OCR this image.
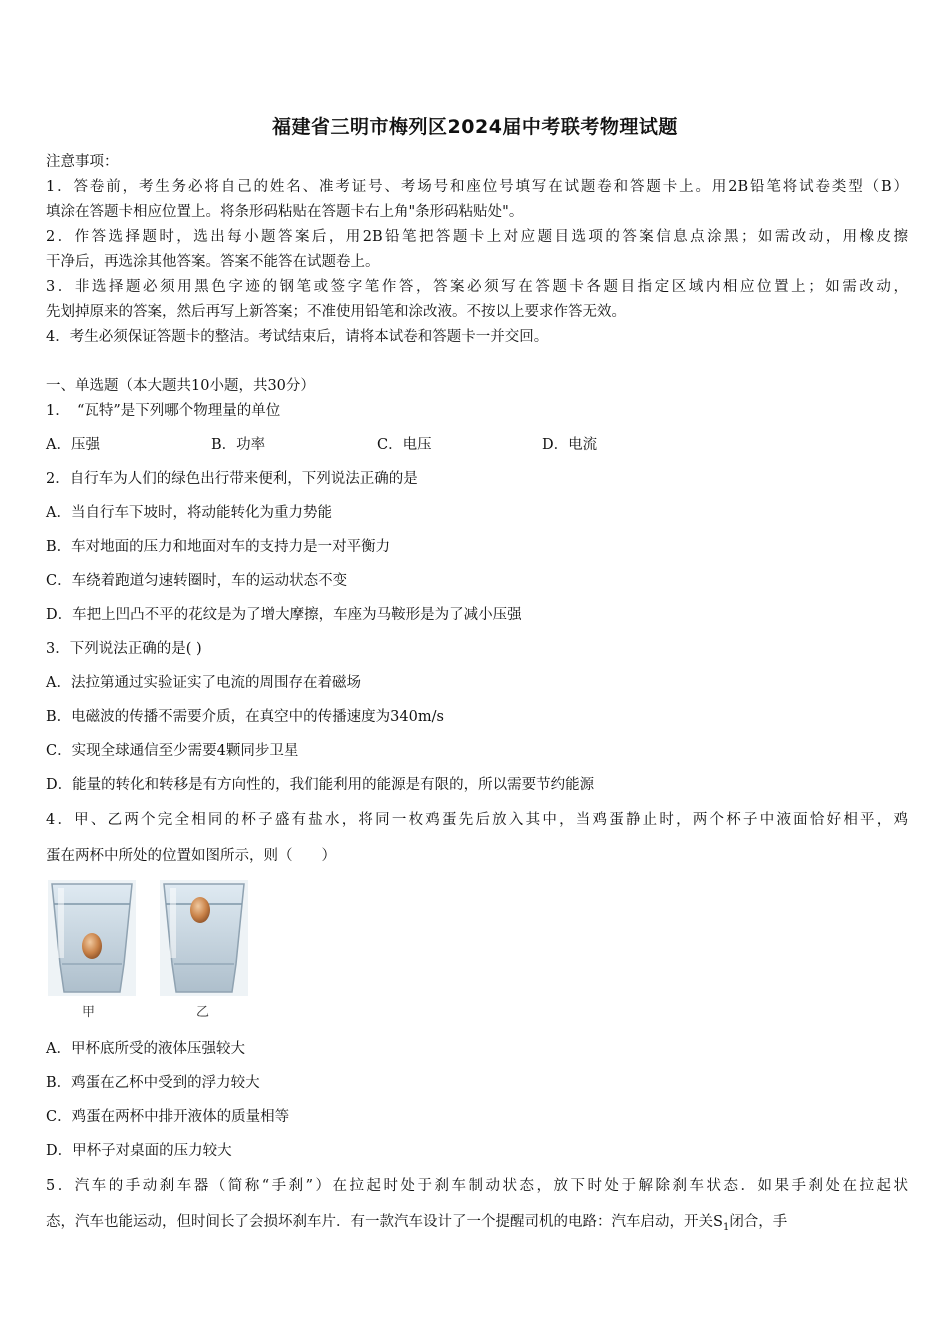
福建省三明市梅列区2024届中考联考物理试题
注意事项：
1．答卷前，考生务必将自己的姓名、准考证号、考场号和座位号填写在试题卷和答题卡上。用2B铅笔将试卷类型（B）
填涂在答题卡相应位置上。将条形码粘贴在答题卡右上角"条形码粘贴处"。
2．作答选择题时，选出每小题答案后，用2B铅笔把答题卡上对应题目选项的答案信息点涂黑；如需改动，用橡皮擦
干净后，再选涂其他答案。答案不能答在试题卷上。
3．非选择题必须用黑色字迹的钢笔或签字笔作答，答案必须写在答题卡各题目指定区域内相应位置上；如需改动，
先划掉原来的答案，然后再写上新答案；不准使用铅笔和涂改液。不按以上要求作答无效。
4．考生必须保证答题卡的整洁。考试结束后，请将本试卷和答题卡一并交回。
一、单选题（本大题共10小题，共30分）
1．　“瓦特”是下列哪个物理量的单位
A．压强	B．功率	C．电压	D．电流
2．自行车为人们的绿色出行带来便利，下列说法正确的是
A．当自行车下坡时，将动能转化为重力势能
B．车对地面的压力和地面对车的支持力是一对平衡力
C．车绕着跑道匀速转圈时，车的运动状态不变
D．车把上凹凸不平的花纹是为了增大摩擦，车座为马鞍形是为了减小压强
3．下列说法正确的是( )
A．法拉第通过实验证实了电流的周围存在着磁场
B．电磁波的传播不需要介质，在真空中的传播速度为340m/s
C．实现全球通信至少需要4颗同步卫星
D．能量的转化和转移是有方向性的，我们能利用的能源是有限的，所以需要节约能源
4．甲、乙两个完全相同的杯子盛有盐水，将同一枚鸡蛋先后放入其中，当鸡蛋静止时，两个杯子中液面恰好相平，鸡
蛋在两杯中所处的位置如图所示，则（　　）
甲	乙
A．甲杯底所受的液体压强较大
B．鸡蛋在乙杯中受到的浮力较大
C．鸡蛋在两杯中排开液体的质量相等
D．甲杯子对桌面的压力较大
5．汽车的手动刹车器（简称“手刹”）在拉起时处于刹车制动状态，放下时处于解除刹车状态．如果手刹处在拉起状
态，汽车也能运动，但时间长了会损坏刹车片．有一款汽车设计了一个提醒司机的电路：汽车启动，开关$S_1$闭合，手
